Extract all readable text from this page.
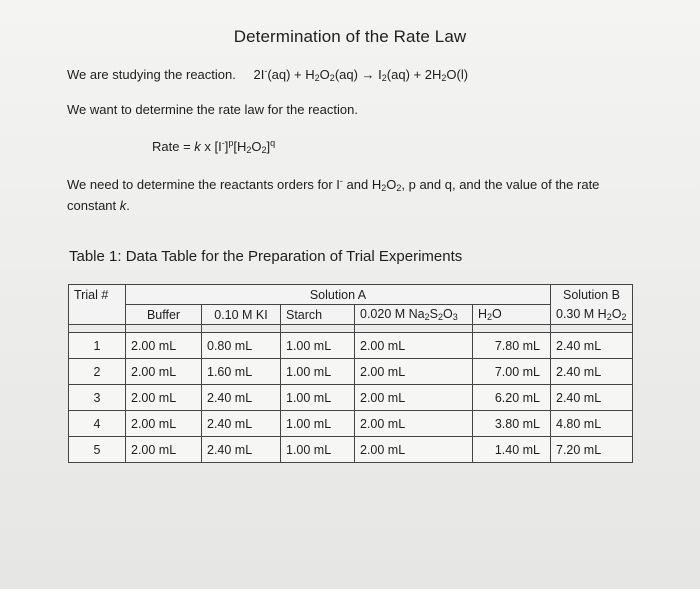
Determination of the Rate Law
We are studying the reaction. $2I^-(aq) + H_2O_2(aq) \to I_2(aq) + 2H_2O(l)$
We want to determine the rate law for the reaction.
Rate = k x $[I^-]^p[H_2O_2]^q$
We need to determine the reactants orders for I- and $H_2O_2$, p and q, and the value of the rate constant k.
Table 1: Data Table for the Preparation of Trial Experiments
Trial #	Solution A					Solution B
	Buffer	0.10 M KI	Starch	0.020 M $Na_2S_2O_3$	$H_2O$	0.30 M $H_2O_2$

1	2.00 mL	0.80 mL	1.00 mL	2.00 mL	7.80 mL	2.40 mL
2	2.00 mL	1.60 mL	1.00 mL	2.00 mL	7.00 mL	2.40 mL
3	2.00 mL	2.40 mL	1.00 mL	2.00 mL	6.20 mL	2.40 mL
4	2.00 mL	2.40 mL	1.00 mL	2.00 mL	3.80 mL	4.80 mL
5	2.00 mL	2.40 mL	1.00 mL	2.00 mL	1.40 mL	7.20 mL
